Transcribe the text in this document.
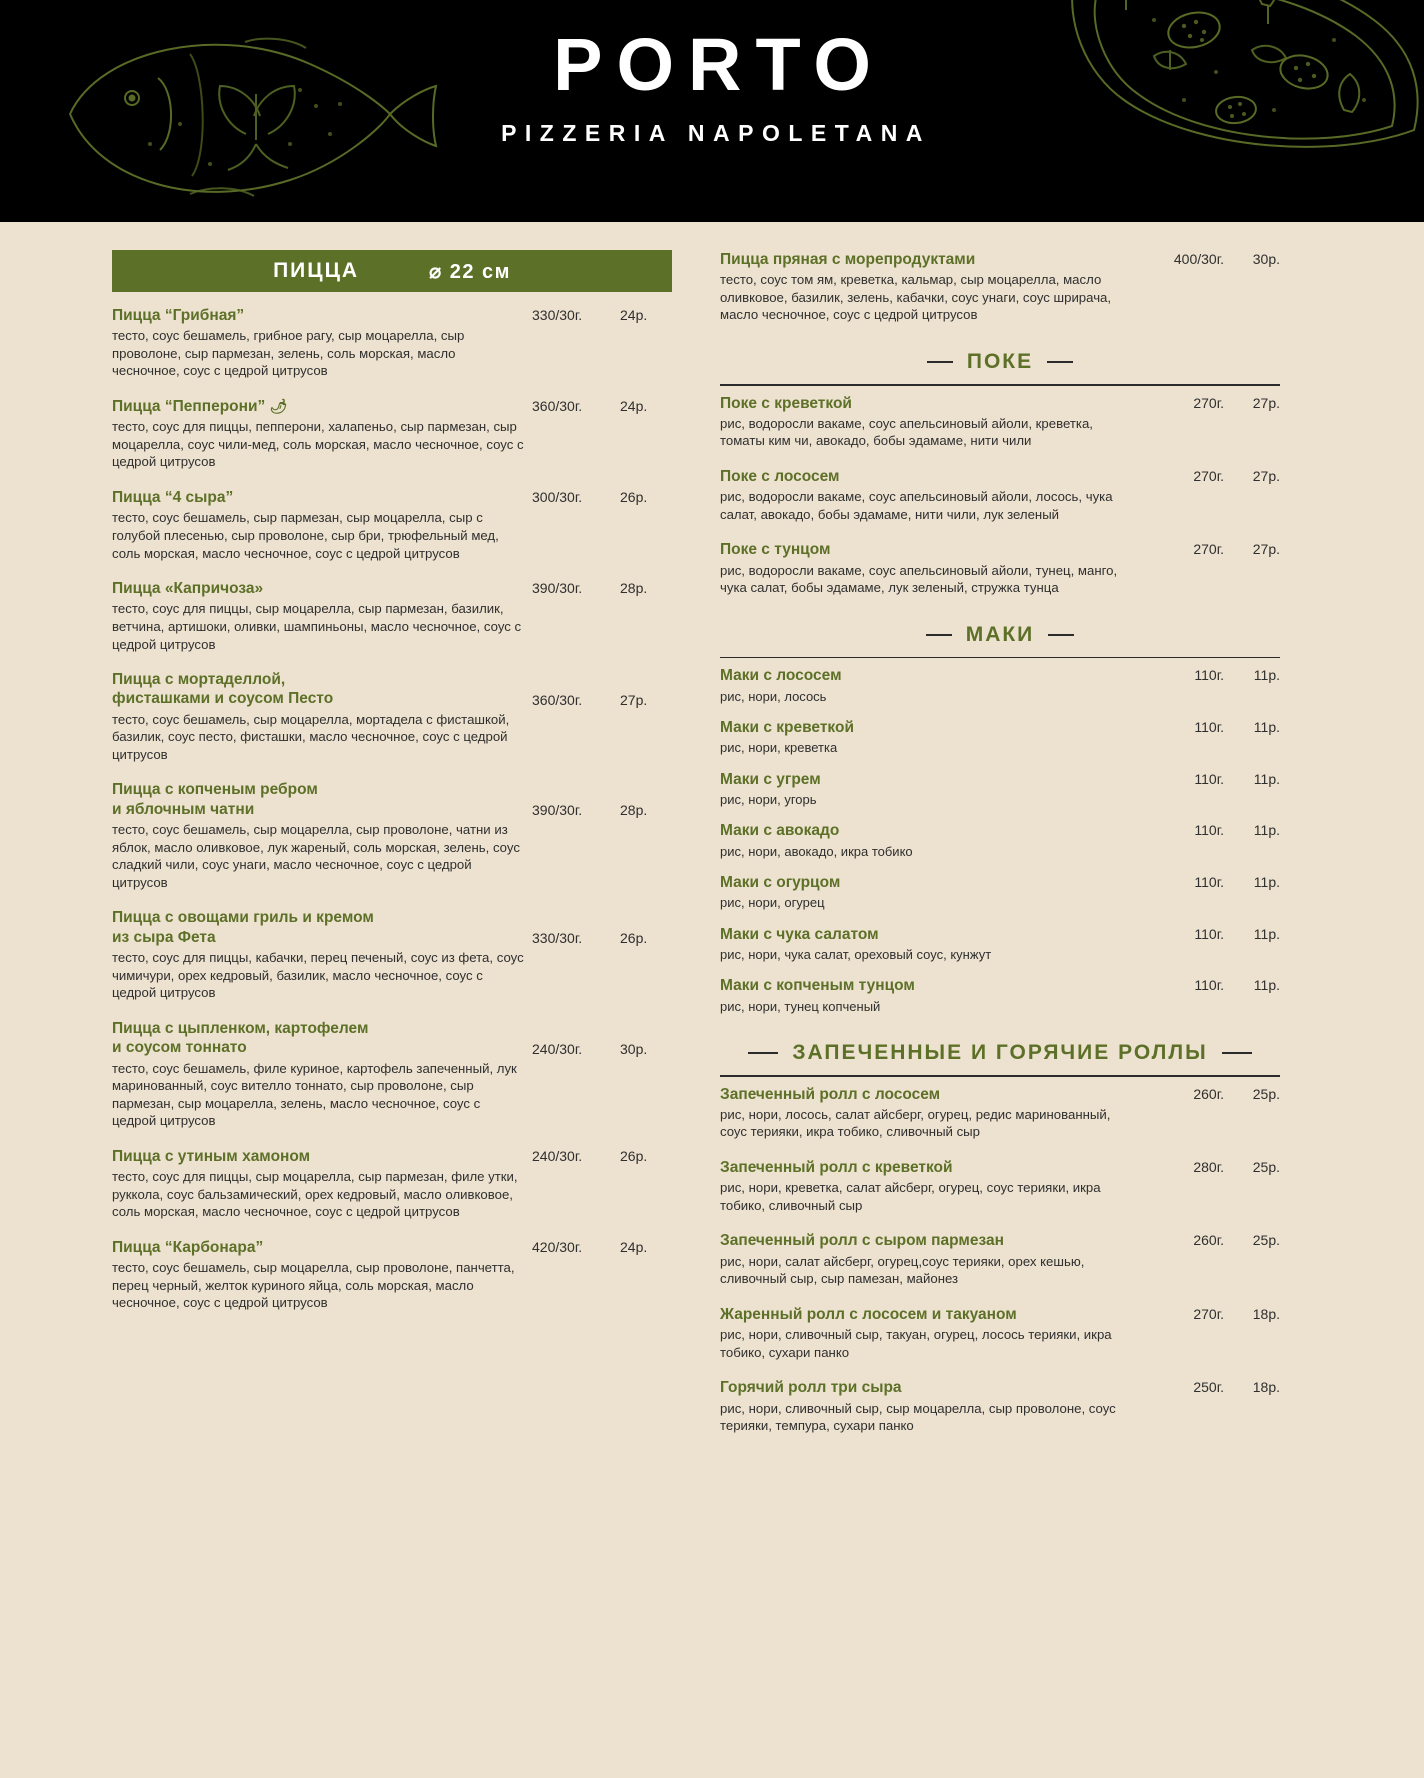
PORTO
PIZZERIA NAPOLETANA
ПИЦЦА	⌀ 22 см
Пицца “Грибная”
тесто, соус бешамель, грибное рагу, сыр моцарелла, сыр проволоне, сыр пармезан, зелень, соль морская, масло чесночное, соус с цедрой цитрусов
330/30г.	24р.
Пицца “Пепперони” 🌶
тесто, соус для пиццы, пепперони, халапеньо, сыр пармезан, сыр моцарелла, соус чили-мед, соль морская, масло чесночное, соус с цедрой цитрусов
360/30г.	24р.
Пицца “4 сыра”
тесто, соус бешамель, сыр пармезан, сыр моцарелла, сыр с голубой плесенью, сыр проволоне, сыр бри, трюфельный мед, соль морская, масло чесночное, соус с цедрой цитрусов
300/30г.	26р.
Пицца «Капричоза»
тесто, соус для пиццы, сыр моцарелла, сыр пармезан, базилик, ветчина, артишоки, оливки, шампиньоны, масло чесночное, соус с цедрой цитрусов
390/30г.	28р.
Пицца с мортаделлой,
фисташками и соусом Песто
тесто, соус бешамель, сыр моцарелла, мортадела с фисташкой, базилик, соус песто, фисташки, масло чесночное, соус с цедрой цитрусов
360/30г.	27р.
Пицца с копченым ребром
и яблочным чатни
тесто, соус бешамель, сыр моцарелла, сыр проволоне, чатни из яблок, масло оливковое, лук жареный, соль морская, зелень, соус сладкий чили, соус унаги, масло чесночное, соус с цедрой цитрусов
390/30г.	28р.
Пицца с овощами гриль и кремом
из сыра Фета
тесто, соус для пиццы, кабачки, перец печеный, соус из фета, соус чимичури, орех кедровый, базилик, масло чесночное, соус с цедрой цитрусов
330/30г.	26р.
Пицца с цыпленком, картофелем
и соусом тоннато
тесто, соус бешамель, филе куриное, картофель запеченный, лук маринованный, соус вителло тоннато, сыр проволоне, сыр пармезан, сыр моцарелла, зелень, масло чесночное, соус с цедрой цитрусов
240/30г.	30р.
Пицца с утиным хамоном
тесто, соус для пиццы, сыр моцарелла, сыр пармезан, филе утки, руккола, соус бальзамический, орех кедровый, масло оливковое, соль морская, масло чесночное, соус с цедрой цитрусов
240/30г.	26р.
Пицца “Карбонара”
тесто, соус бешамель, сыр моцарелла, сыр проволоне, панчетта, перец черный, желток куриного яйца, соль морская, масло чесночное, соус с цедрой цитрусов
420/30г.	24р.
Пицца пряная с морепродуктами
тесто, соус том ям, креветка, кальмар, сыр моцарелла, масло оливковое, базилик, зелень, кабачки, соус унаги, соус шрирача, масло чесночное, соус с цедрой цитрусов
400/30г.	30р.
ПОКЕ
Поке с креветкой
рис, водоросли вакаме, соус апельсиновый айоли, креветка, томаты ким чи, авокадо, бобы эдамаме, нити чили
270г.	27р.
Поке с лососем
рис, водоросли вакаме, соус апельсиновый айоли, лосось, чука салат, авокадо, бобы эдамаме, нити чили, лук зеленый
270г.	27р.
Поке с тунцом
рис, водоросли вакаме, соус апельсиновый айоли, тунец, манго, чука салат, бобы эдамаме, лук зеленый, стружка тунца
270г.	27р.
МАКИ
Маки с лососем
рис, нори, лосось
110г.	11р.
Маки с креветкой
рис, нори, креветка
110г.	11р.
Маки с угрем
рис, нори, угорь
110г.	11р.
Маки с авокадо
рис, нори, авокадо, икра тобико
110г.	11р.
Маки с огурцом
рис, нори, огурец
110г.	11р.
Маки с чука салатом
рис, нори, чука салат, ореховый соус, кунжут
110г.	11р.
Маки с копченым тунцом
рис, нори, тунец копченый
110г.	11р.
ЗАПЕЧЕННЫЕ И ГОРЯЧИЕ РОЛЛЫ
Запеченный ролл с лососем
рис, нори, лосось, салат айсберг, огурец, редис маринованный, соус терияки, икра тобико, сливочный сыр
260г.	25р.
Запеченный ролл с креветкой
рис, нори, креветка, салат айсберг, огурец, соус терияки, икра тобико, сливочный сыр
280г.	25р.
Запеченный ролл с сыром пармезан
рис, нори, салат айсберг, огурец,соус терияки, орех кешью, сливочный сыр, сыр памезан, майонез
260г.	25р.
Жаренный ролл с лососем и такуаном
рис, нори, сливочный сыр, такуан, огурец, лосось терияки, икра тобико, сухари панко
270г.	18р.
Горячий ролл три сыра
рис, нори, сливочный сыр, сыр моцарелла, сыр проволоне, соус терияки, темпура, сухари панко
250г.	18р.
